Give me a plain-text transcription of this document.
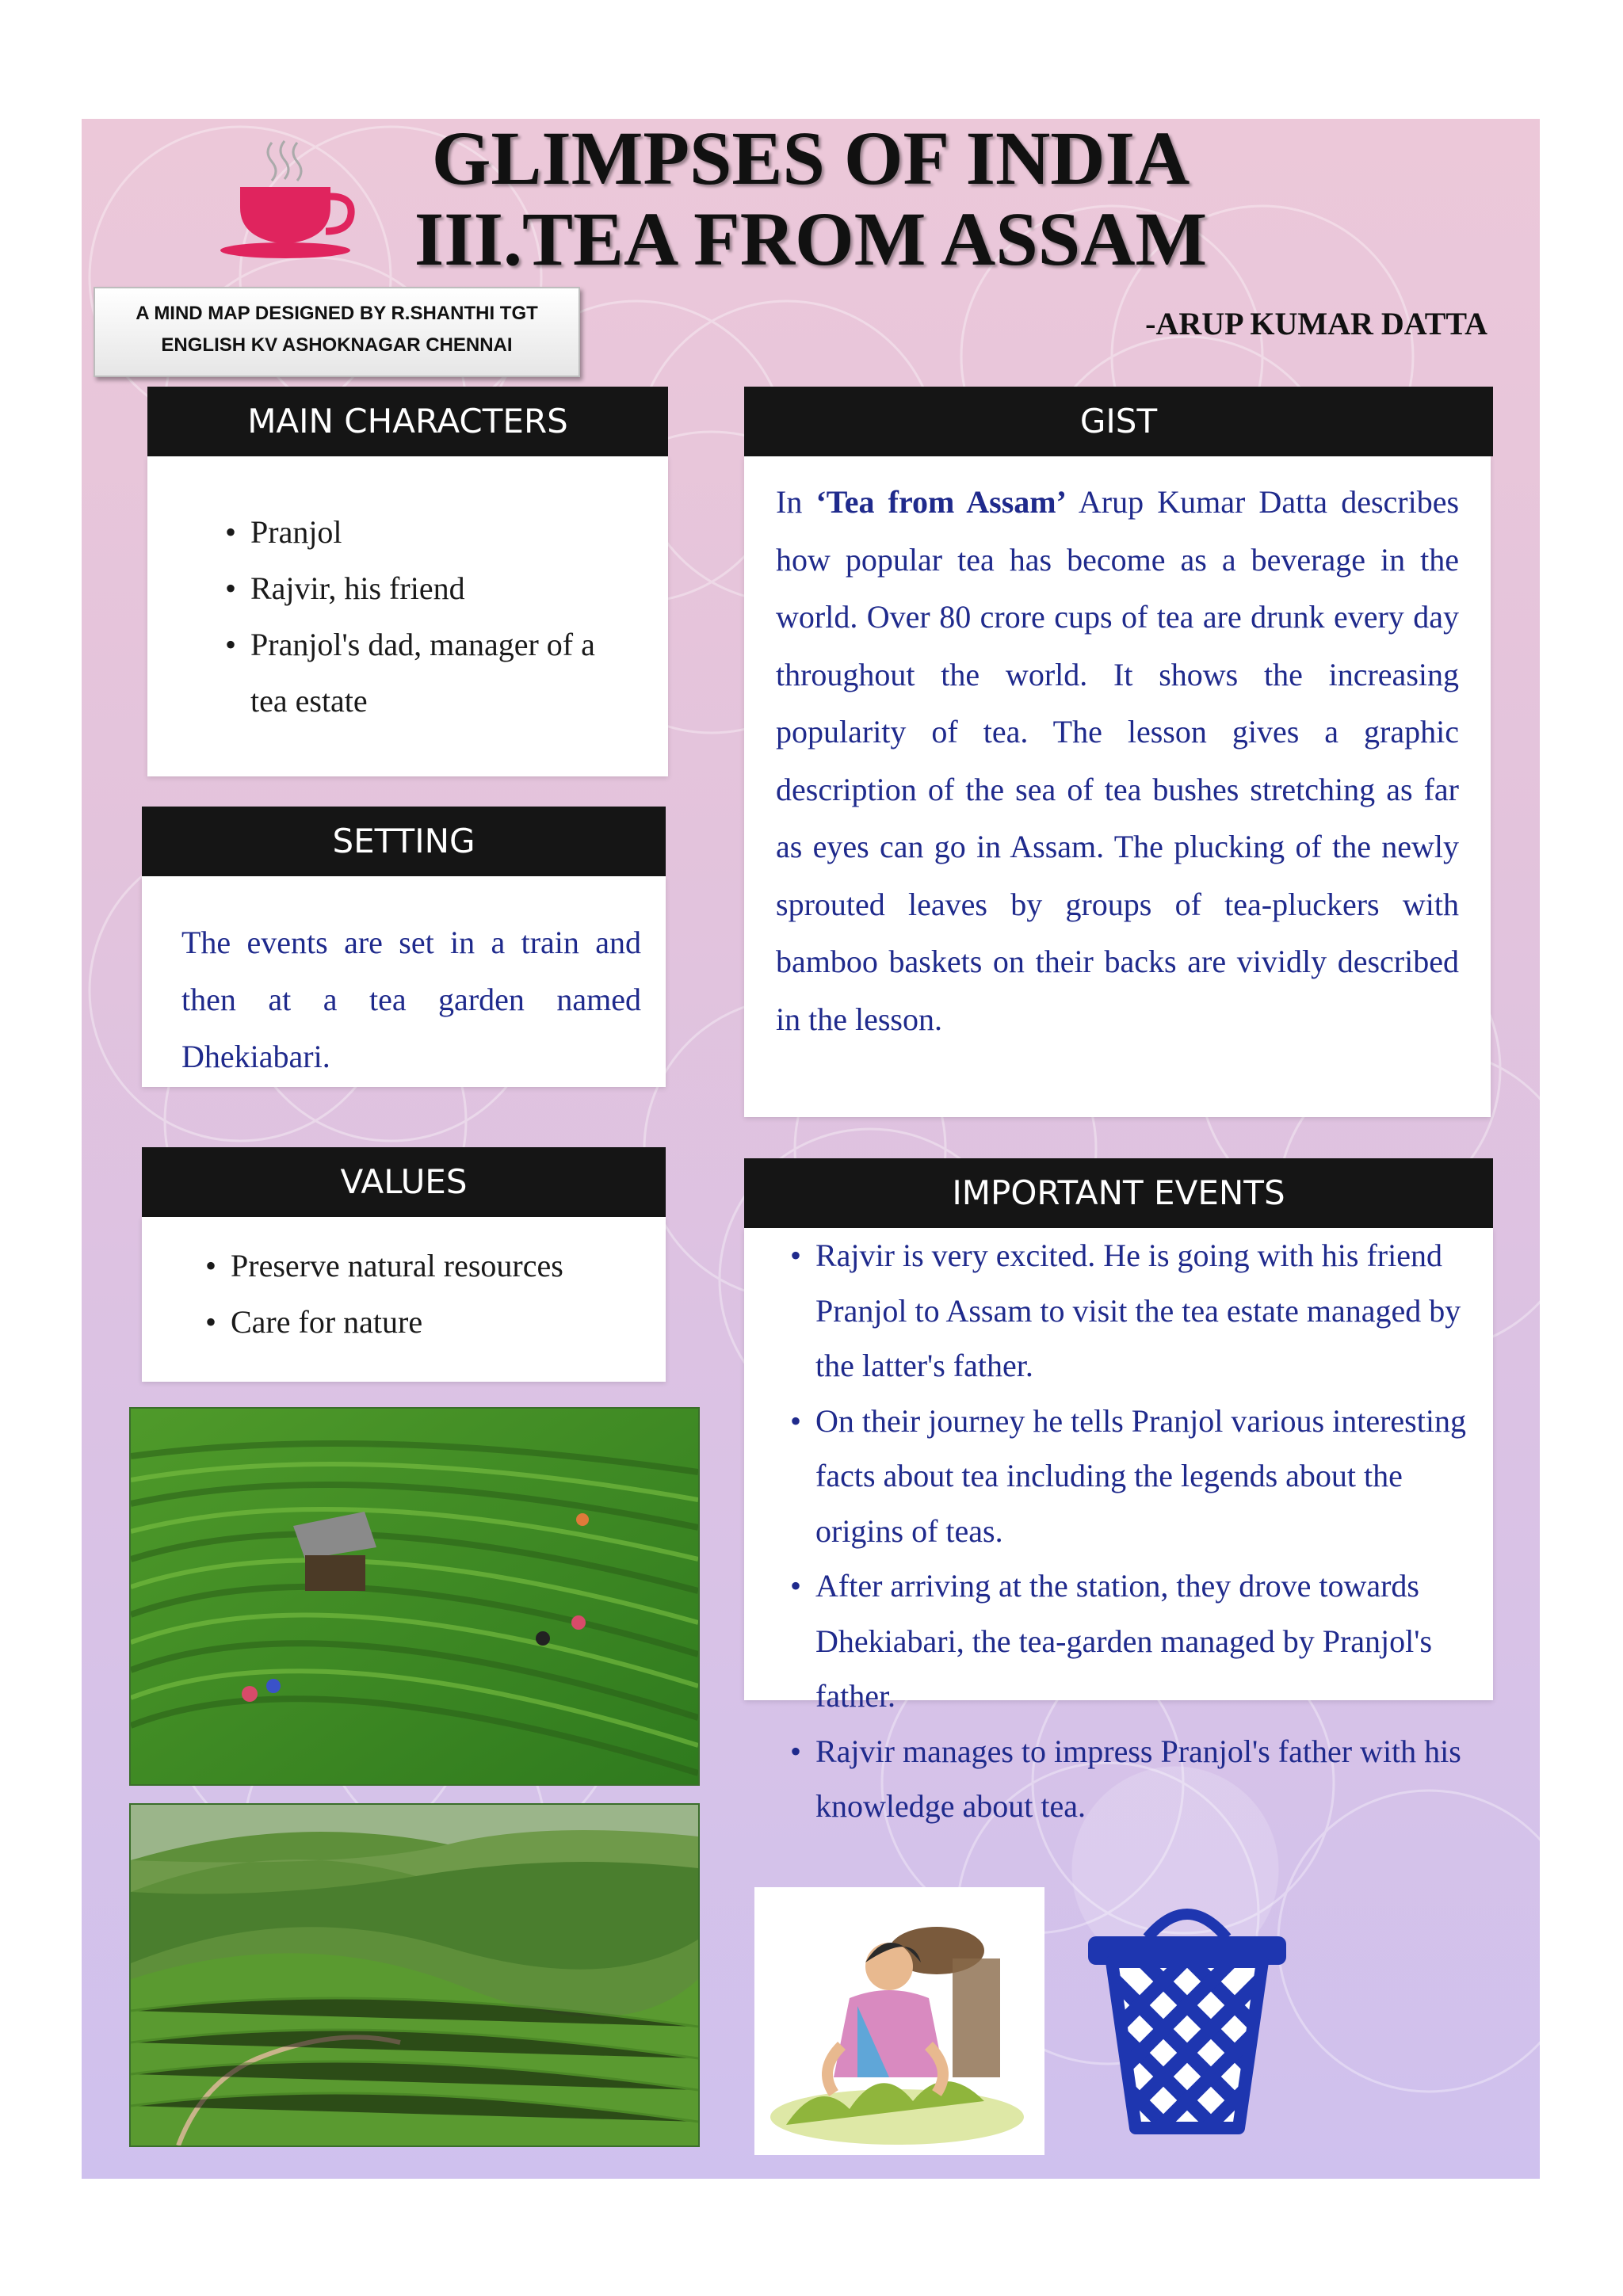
GLIMPSES OF INDIA
III.TEA FROM ASSAM
A MIND MAP DESIGNED BY R.SHANTHI TGT
ENGLISH KV ASHOKNAGAR CHENNAI
-ARUP KUMAR DATTA
MAIN CHARACTERS
• Pranjol
• Rajvir, his friend
• Pranjol's dad, manager of a tea estate
SETTING
The events are set in a train and then at a tea garden named Dhekiabari.
VALUES
• Preserve natural resources
• Care for nature
GIST
In ‘Tea from Assam’ Arup Kumar Datta describes how popular tea has become as a beverage in the world. Over 80 crore cups of tea are drunk every day throughout the world. It shows the increasing popularity of tea. The lesson gives a graphic description of the sea of tea bushes stretching as far as eyes can go in Assam. The plucking of the newly sprouted leaves by groups of tea-pluckers with bamboo baskets on their backs are vividly described in the lesson.
IMPORTANT EVENTS
• Rajvir is very excited. He is going with his friend Pranjol to Assam to visit the tea estate managed by the latter's father.
• On their journey he tells Pranjol various interesting facts about tea including the legends about the origins of teas.
• After arriving at the station, they drove towards Dhekiabari, the tea-garden managed by Pranjol's father.
• Rajvir manages to impress Pranjol's father with his knowledge about tea.
